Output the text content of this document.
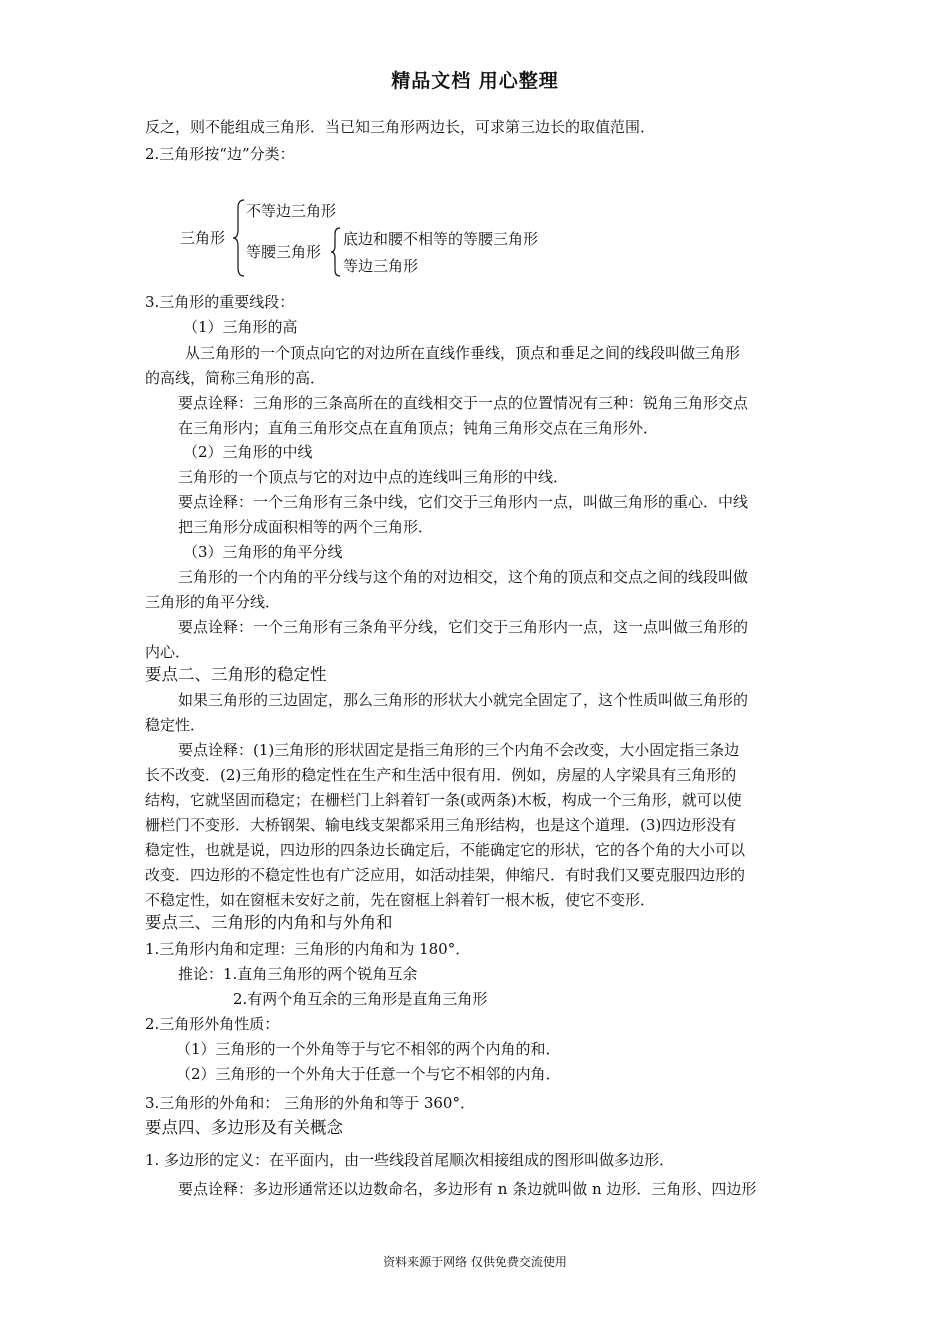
精品文档 用心整理
反之，则不能组成三角形．当已知三角形两边长，可求第三边长的取值范围．
2.三角形按“边”分类：
三角形
不等边三角形
等腰三角形
底边和腰不相等的等腰三角形
等边三角形
3.三角形的重要线段：
（1）三角形的高
从三角形的一个顶点向它的对边所在直线作垂线，顶点和垂足之间的线段叫做三角形
的高线，简称三角形的高．
要点诠释：三角形的三条高所在的直线相交于一点的位置情况有三种：锐角三角形交点
在三角形内；直角三角形交点在直角顶点；钝角三角形交点在三角形外．
（2）三角形的中线
三角形的一个顶点与它的对边中点的连线叫三角形的中线．
要点诠释：一个三角形有三条中线，它们交于三角形内一点，叫做三角形的重心．中线
把三角形分成面积相等的两个三角形．
（3）三角形的角平分线
三角形的一个内角的平分线与这个角的对边相交，这个角的顶点和交点之间的线段叫做
三角形的角平分线．
要点诠释：一个三角形有三条角平分线，它们交于三角形内一点，这一点叫做三角形的
内心．
要点二、三角形的稳定性
如果三角形的三边固定，那么三角形的形状大小就完全固定了，这个性质叫做三角形的
稳定性．
要点诠释：(1)三角形的形状固定是指三角形的三个内角不会改变，大小固定指三条边
长不改变．(2)三角形的稳定性在生产和生活中很有用．例如，房屋的人字梁具有三角形的
结构，它就坚固而稳定；在栅栏门上斜着钉一条(或两条)木板，构成一个三角形，就可以使
栅栏门不变形．大桥钢架、输电线支架都采用三角形结构，也是这个道理．(3)四边形没有
稳定性，也就是说，四边形的四条边长确定后，不能确定它的形状，它的各个角的大小可以
改变．四边形的不稳定性也有广泛应用，如活动挂架，伸缩尺．有时我们又要克服四边形的
不稳定性，如在窗框未安好之前，先在窗框上斜着钉一根木板，使它不变形．
要点三、三角形的内角和与外角和
1.三角形内角和定理：三角形的内角和为 180°．
推论：1.直角三角形的两个锐角互余
2.有两个角互余的三角形是直角三角形
2.三角形外角性质：
（1）三角形的一个外角等于与它不相邻的两个内角的和．
（2）三角形的一个外角大于任意一个与它不相邻的内角．
3.三角形的外角和： 三角形的外角和等于 360°．
要点四、多边形及有关概念
1. 多边形的定义：在平面内，由一些线段首尾顺次相接组成的图形叫做多边形．
要点诠释：多边形通常还以边数命名，多边形有 n 条边就叫做 n 边形．三角形、四边形
资料来源于网络 仅供免费交流使用
